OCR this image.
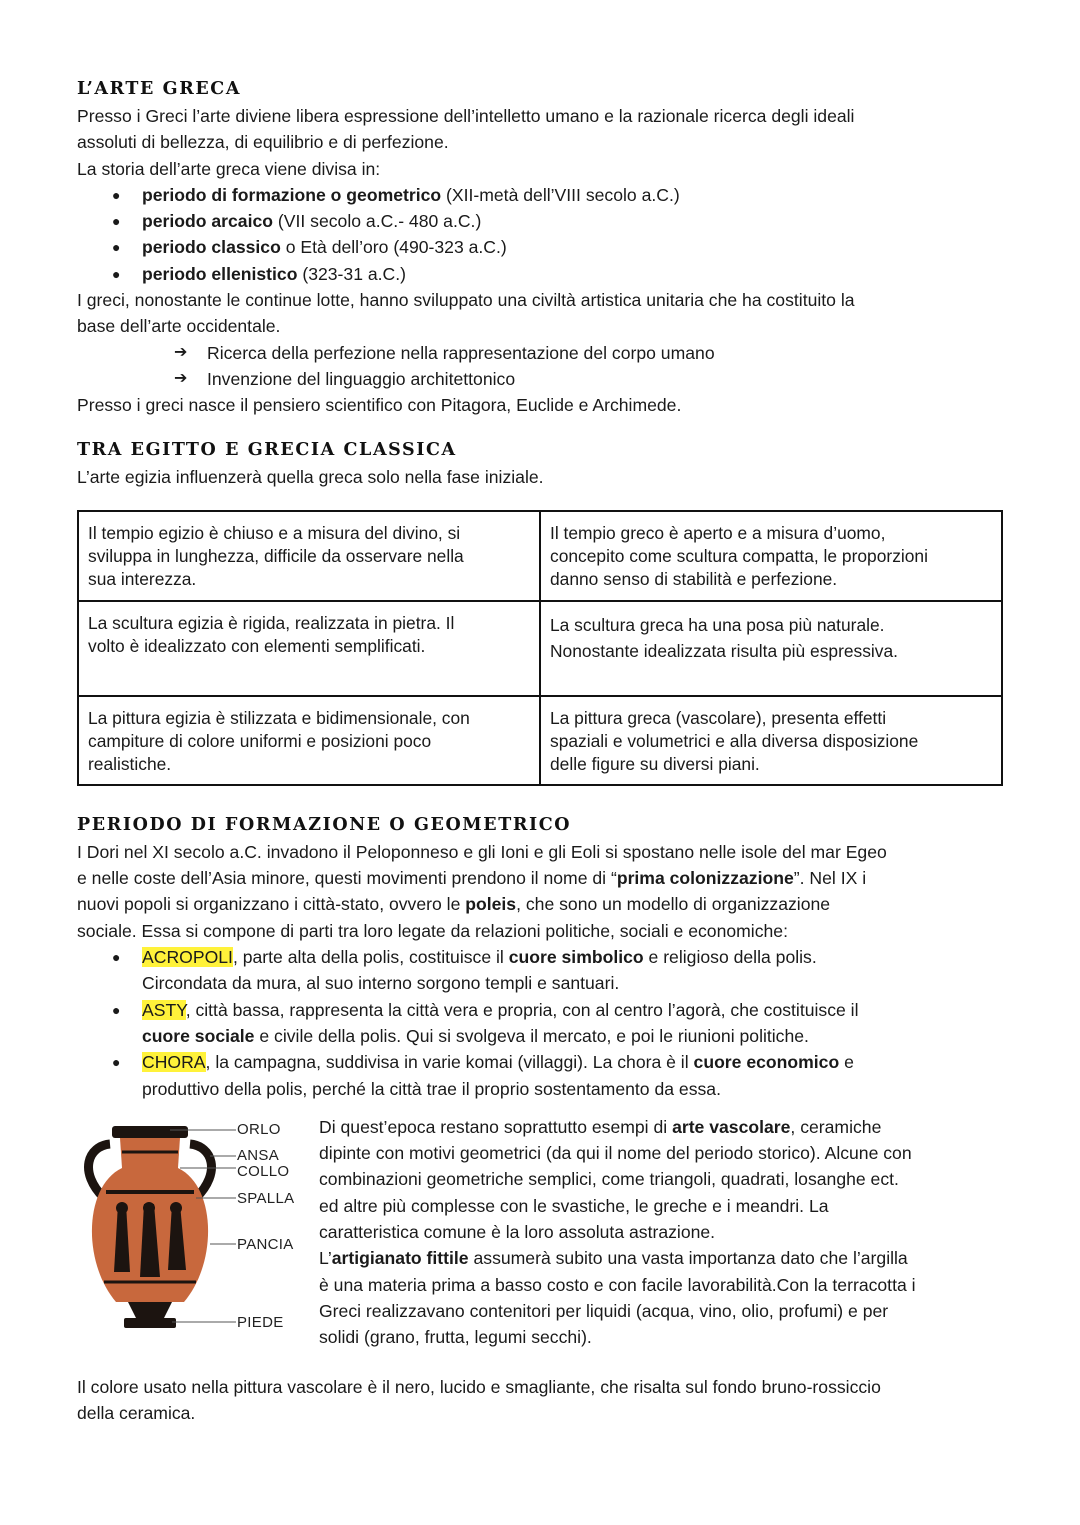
L’ARTE GRECA

Presso i Greci l’arte diviene libera espressione dell’intelletto umano e la razionale ricerca degli ideali

assoluti di bellezza, di equilibrio e di perfezione.

La storia dell’arte greca viene divisa in:

● periodo di formazione o geometrico (XII-metà dell’VIII secolo a.C.)
● periodo arcaico (VII secolo a.C.- 480 a.C.)
● periodo classico o Età dell’oro (490-323 a.C.)
● periodo ellenistico (323-31 a.C.)

I greci, nonostante le continue lotte, hanno sviluppato una civiltà artistica unitaria che ha costituito la

base dell’arte occidentale.

➔ Ricerca della perfezione nella rappresentazione del corpo umano
➔ Invenzione del linguaggio architettonico

Presso i greci nasce il pensiero scientifico con Pitagora, Euclide e Archimede.

TRA EGITTO E GRECIA CLASSICA

L’arte egizia influenzerà quella greca solo nella fase iniziale.

Il tempio egizio è chiuso e a misura del divino, si
sviluppa in lunghezza, difficile da osservare nella
sua interezza.	Il tempio greco è aperto e a misura d’uomo,
concepito come scultura compatta, le proporzioni
danno senso di stabilità e perfezione.
La scultura egizia è rigida, realizzata in pietra. Il
volto è idealizzato con elementi semplificati.	La scultura greca ha una posa più naturale.
Nonostante idealizzata risulta più espressiva.
La pittura egizia è stilizzata e bidimensionale, con
campiture di colore uniformi e posizioni poco
realistiche.	La pittura greca (vascolare), presenta effetti
spaziali e volumetrici e alla diversa disposizione
delle figure su diversi piani.
PERIODO DI FORMAZIONE O GEOMETRICO

I Dori nel XI secolo a.C. invadono il Peloponneso e gli Ioni e gli Eoli si spostano nelle isole del mar Egeo

e nelle coste dell’Asia minore, questi movimenti prendono il nome di “prima colonizzazione”. Nel IX i

nuovi popoli si organizzano i città-stato, ovvero le poleis, che sono un modello di organizzazione

sociale. Essa si compone di parti tra loro legate da relazioni politiche, sociali e economiche:

● ACROPOLI, parte alta della polis, costituisce il cuore simbolico e religioso della polis.
Circondata da mura, al suo interno sorgono templi e santuari.
● ASTY, città bassa, rappresenta la città vera e propria, con al centro l’agorà, che costituisce il
cuore sociale e civile della polis. Qui si svolgeva il mercato, e poi le riunioni politiche.
● CHORA, la campagna, suddivisa in varie komai (villaggi). La chora è il cuore economico e
produttivo della polis, perché la città trae il proprio sostentamento da essa.
ORLO
ANSA
COLLO
SPALLA
PANCIA
PIEDE

Di quest’epoca restano soprattutto esempi di arte vascolare, ceramiche

dipinte con motivi geometrici (da qui il nome del periodo storico). Alcune con

combinazioni geometriche semplici, come triangoli, quadrati, losanghe ect.

ed altre più complesse con le svastiche, le greche e i meandri. La

caratteristica comune è la loro assoluta astrazione.

L’artigianato fittile assumerà subito una vasta importanza dato che l’argilla

è una materia prima a basso costo e con facile lavorabilità.Con la terracotta i

Greci realizzavano contenitori per liquidi (acqua, vino, olio, profumi) e per

solidi (grano, frutta, legumi secchi).

Il colore usato nella pittura vascolare è il nero, lucido e smagliante, che risalta sul fondo bruno-rossiccio

della ceramica.
